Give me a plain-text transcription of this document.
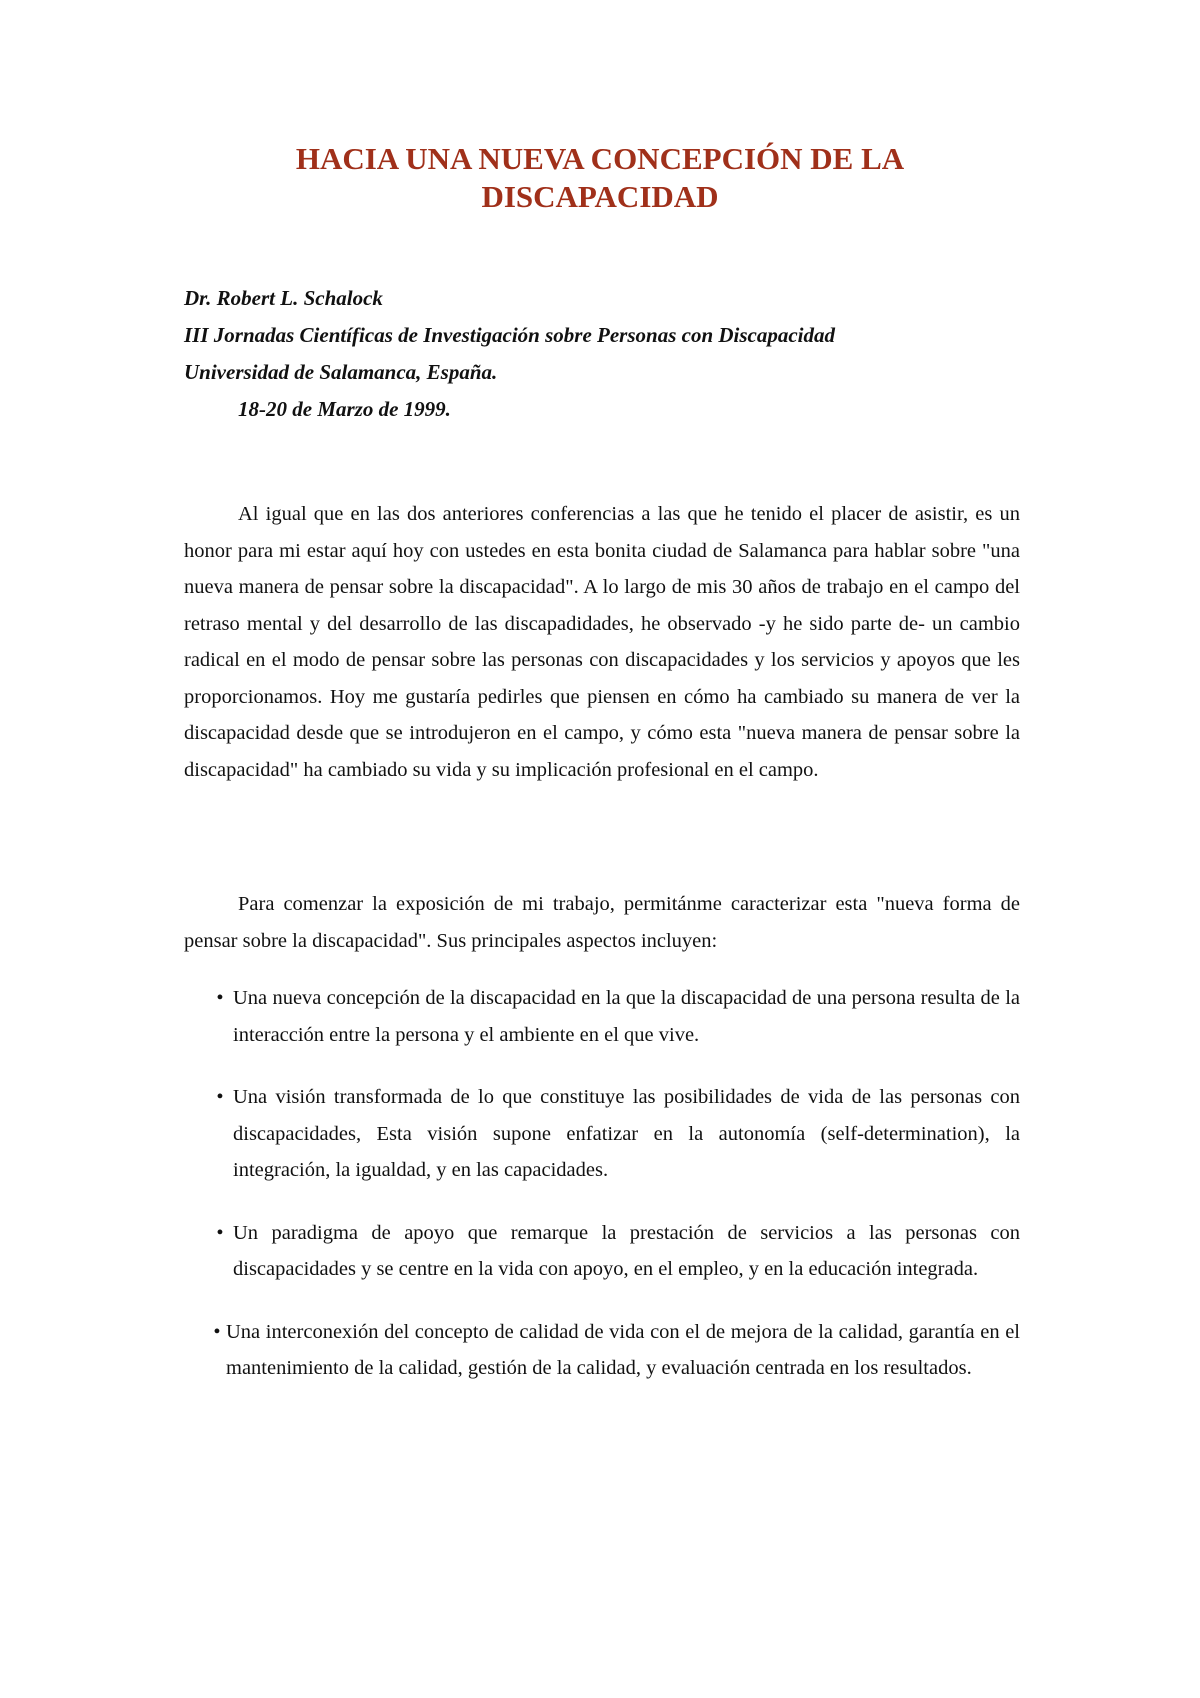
HACIA UNA NUEVA CONCEPCIÓN DE LA
DISCAPACIDAD
Dr. Robert L. Schalock
III Jornadas Científicas de Investigación sobre Personas con Discapacidad
Universidad de Salamanca, España.
18-20 de Marzo de 1999.

Al igual que en las dos anteriores conferencias a las que he tenido el placer de asistir, es un honor para mi estar aquí hoy con ustedes en esta bonita ciudad de Salamanca para hablar sobre "una nueva manera de pensar sobre la discapacidad". A lo largo de mis 30 años de trabajo en el campo del retraso mental y del desarrollo de las discapadidades, he observado -y he sido parte de- un cambio radical en el modo de pensar sobre las personas con discapacidades y los servicios y apoyos que les proporcionamos. Hoy me gustaría pedirles que piensen en cómo ha cambiado su manera de ver la discapacidad desde que se introdujeron en el campo, y cómo esta "nueva manera de pensar sobre la discapacidad" ha cambiado su vida y su implicación profesional en el campo.

Para comenzar la exposición de mi trabajo, permitánme caracterizar esta "nueva forma de pensar sobre la discapacidad". Sus principales aspectos incluyen:

• Una nueva concepción de la discapacidad en la que la discapacidad de una persona resulta de la interacción entre la persona y el ambiente en el que vive.
• Una visión transformada de lo que constituye las posibilidades de vida de las personas con discapacidades, Esta visión supone enfatizar en la autonomía (self-determination), la integración, la igualdad, y en las capacidades.
• Un paradigma de apoyo que remarque la prestación de servicios a las personas con discapacidades y se centre en la vida con apoyo, en el empleo, y en la educación integrada.
• Una interconexión del concepto de calidad de vida con el de mejora de la calidad, garantía en el mantenimiento de la calidad, gestión de la calidad, y evaluación centrada en los resultados.
